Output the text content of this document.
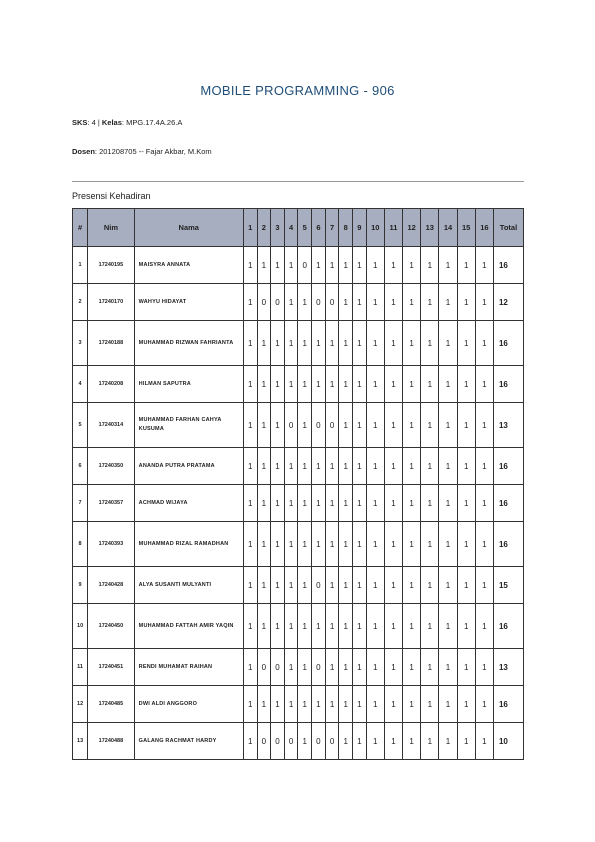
MOBILE PROGRAMMING - 906
SKS: 4 | Kelas: MPG.17.4A.26.A
Dosen: 201208705 -- Fajar Akbar, M.Kom
Presensi Kehadiran
#	Nim	Nama	1	2	3	4	5	6	7	8	9	10	11	12	13	14	15	16	Total
1	17240195	MAISYRA ANNATA	1	1	1	1	0	1	1	1	1	1	1	1	1	1	1	1	16
2	17240170	WAHYU HIDAYAT	1	0	0	1	1	0	0	1	1	1	1	1	1	1	1	1	12
3	17240188	MUHAMMAD RIZWAN FAHRIANTA	1	1	1	1	1	1	1	1	1	1	1	1	1	1	1	1	16
4	17240208	HILMAN SAPUTRA	1	1	1	1	1	1	1	1	1	1	1	1	1	1	1	1	16
5	17240314	MUHAMMAD FARHAN CAHYA KUSUMA	1	1	1	0	1	0	0	1	1	1	1	1	1	1	1	1	13
6	17240350	ANANDA PUTRA PRATAMA	1	1	1	1	1	1	1	1	1	1	1	1	1	1	1	1	16
7	17240357	ACHMAD WIJAYA	1	1	1	1	1	1	1	1	1	1	1	1	1	1	1	1	16
8	17240393	MUHAMMAD RIZAL RAMADHAN	1	1	1	1	1	1	1	1	1	1	1	1	1	1	1	1	16
9	17240428	ALYA SUSANTI MULYANTI	1	1	1	1	1	0	1	1	1	1	1	1	1	1	1	1	15
10	17240450	MUHAMMAD FATTAH AMIR YAQIN	1	1	1	1	1	1	1	1	1	1	1	1	1	1	1	1	16
11	17240451	RENDI MUHAMAT RAIHAN	1	0	0	1	1	0	1	1	1	1	1	1	1	1	1	1	13
12	17240485	DWI ALDI ANGGORO	1	1	1	1	1	1	1	1	1	1	1	1	1	1	1	1	16
13	17240488	GALANG RACHMAT HARDY	1	0	0	0	1	0	0	1	1	1	1	1	1	1	1	1	10
